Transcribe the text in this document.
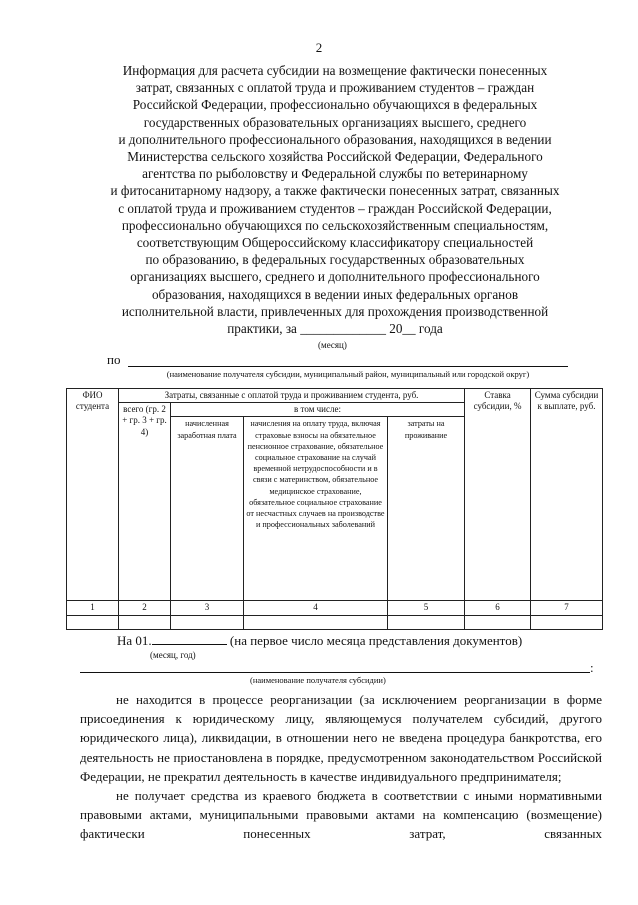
2
Информация для расчета субсидии на возмещение фактически понесенных
затрат, связанных с оплатой труда и проживанием студентов – граждан
Российской Федерации, профессионально обучающихся в федеральных
государственных образовательных организациях высшего, среднего
и дополнительного профессионального образования, находящихся в ведении
Министерства сельского хозяйства Российской Федерации, Федерального
агентства по рыболовству и Федеральной службы по ветеринарному
и фитосанитарному надзору, а также фактически понесенных затрат, связанных
с оплатой труда и проживанием студентов – граждан Российской Федерации,
профессионально обучающихся по сельскохозяйственным специальностям,
соответствующим Общероссийскому классификатору специальностей
по образованию, в федеральных государственных образовательных
организациях высшего, среднего и дополнительного профессионального
образования, находящихся в ведении иных федеральных органов
исполнительной власти, привлеченных для прохождения производственной
практики, за _____________ 20__ года
(месяц)
по
(наименование получателя субсидии, муниципальный район, муниципальный или городской округ)
ФИО студента	Затраты, связанные с оплатой труда и проживанием студента, руб.				Ставка субсидии, %	Сумма субсидии к выплате, руб.
	всего (гр. 2 + гр. 3 + гр. 4)	в том числе:				
		начисленная заработная плата	начисления на оплату труда, включая страховые взносы на обязательное пенсионное страхование, обязательное социальное страхование на случай временной нетрудоспособности и в связи с материнством, обязательное медицинское страхование, обязательное социальное страхование от несчастных случаев на производстве и профессиональных заболеваний	затраты на проживание		
1	2	3	4	5	6	7

На 01.	(на первое число месяца представления документов)
(месяц, год)
:
(наименование получателя субсидии)

не находится в процессе реорганизации (за исключением реорганизации в форме присоединения к юридическому лицу, являющемуся получателем субсидий, другого юридического лица), ликвидации, в отношении него не введена процедура банкротства, его деятельность не приостановлена в порядке, предусмотренном законодательством Российской Федерации, не прекратил деятельность в качестве индивидуального предпринимателя;

не получает средства из краевого бюджета в соответствии с иными нормативными правовыми актами, муниципальными правовыми актами на компенсацию (возмещение) фактически понесенных затрат, связанных
